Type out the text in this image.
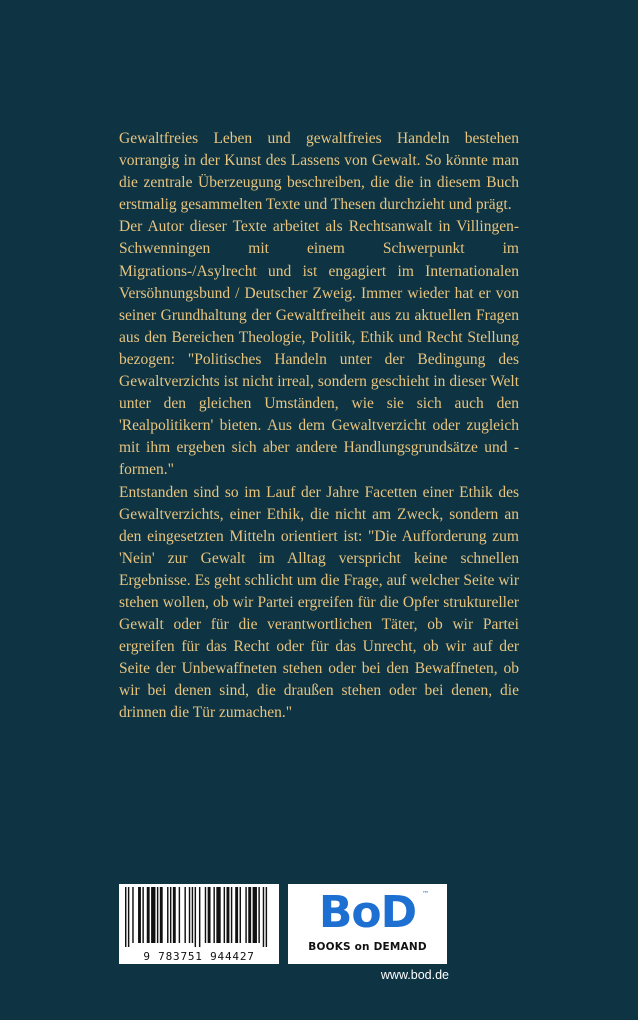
Gewaltfreies Leben und gewaltfreies Handeln bestehen vorrangig in der Kunst des Lassens von Gewalt. So könnte man die zentrale Überzeugung beschreiben, die die in diesem Buch erstmalig gesammelten Texte und Thesen durchzieht und prägt.

Der Autor dieser Texte arbeitet als Rechtsanwalt in Villingen-Schwenningen mit einem Schwerpunkt im Migrations-/Asylrecht und ist engagiert im Internationalen Versöhnungsbund / Deutscher Zweig. Immer wieder hat er von seiner Grundhaltung der Gewaltfreiheit aus zu aktuellen Fragen aus den Bereichen Theologie, Politik, Ethik und Recht Stellung bezogen: "Politisches Handeln unter der Bedingung des Gewaltverzichts ist nicht irreal, sondern geschieht in dieser Welt unter den gleichen Umständen, wie sie sich auch den 'Realpolitikern' bieten. Aus dem Gewaltverzicht oder zugleich mit ihm ergeben sich aber andere Handlungsgrundsätze und -formen."

Entstanden sind so im Lauf der Jahre Facetten einer Ethik des Gewaltverzichts, einer Ethik, die nicht am Zweck, sondern an den eingesetzten Mitteln orientiert ist: "Die Aufforderung zum 'Nein' zur Gewalt im Alltag verspricht keine schnellen Ergebnisse. Es geht schlicht um die Frage, auf welcher Seite wir stehen wollen, ob wir Partei ergreifen für die Opfer struktureller Gewalt oder für die verantwortlichen Täter, ob wir Partei ergreifen für das Recht oder für das Unrecht, ob wir auf der Seite der Unbewaffneten stehen oder bei den Bewaffneten, ob wir bei denen sind, die draußen stehen oder bei denen, die drinnen die Tür zumachen."

9 783751 944427
BoD ™
BOOKS on DEMAND
www.bod.de
